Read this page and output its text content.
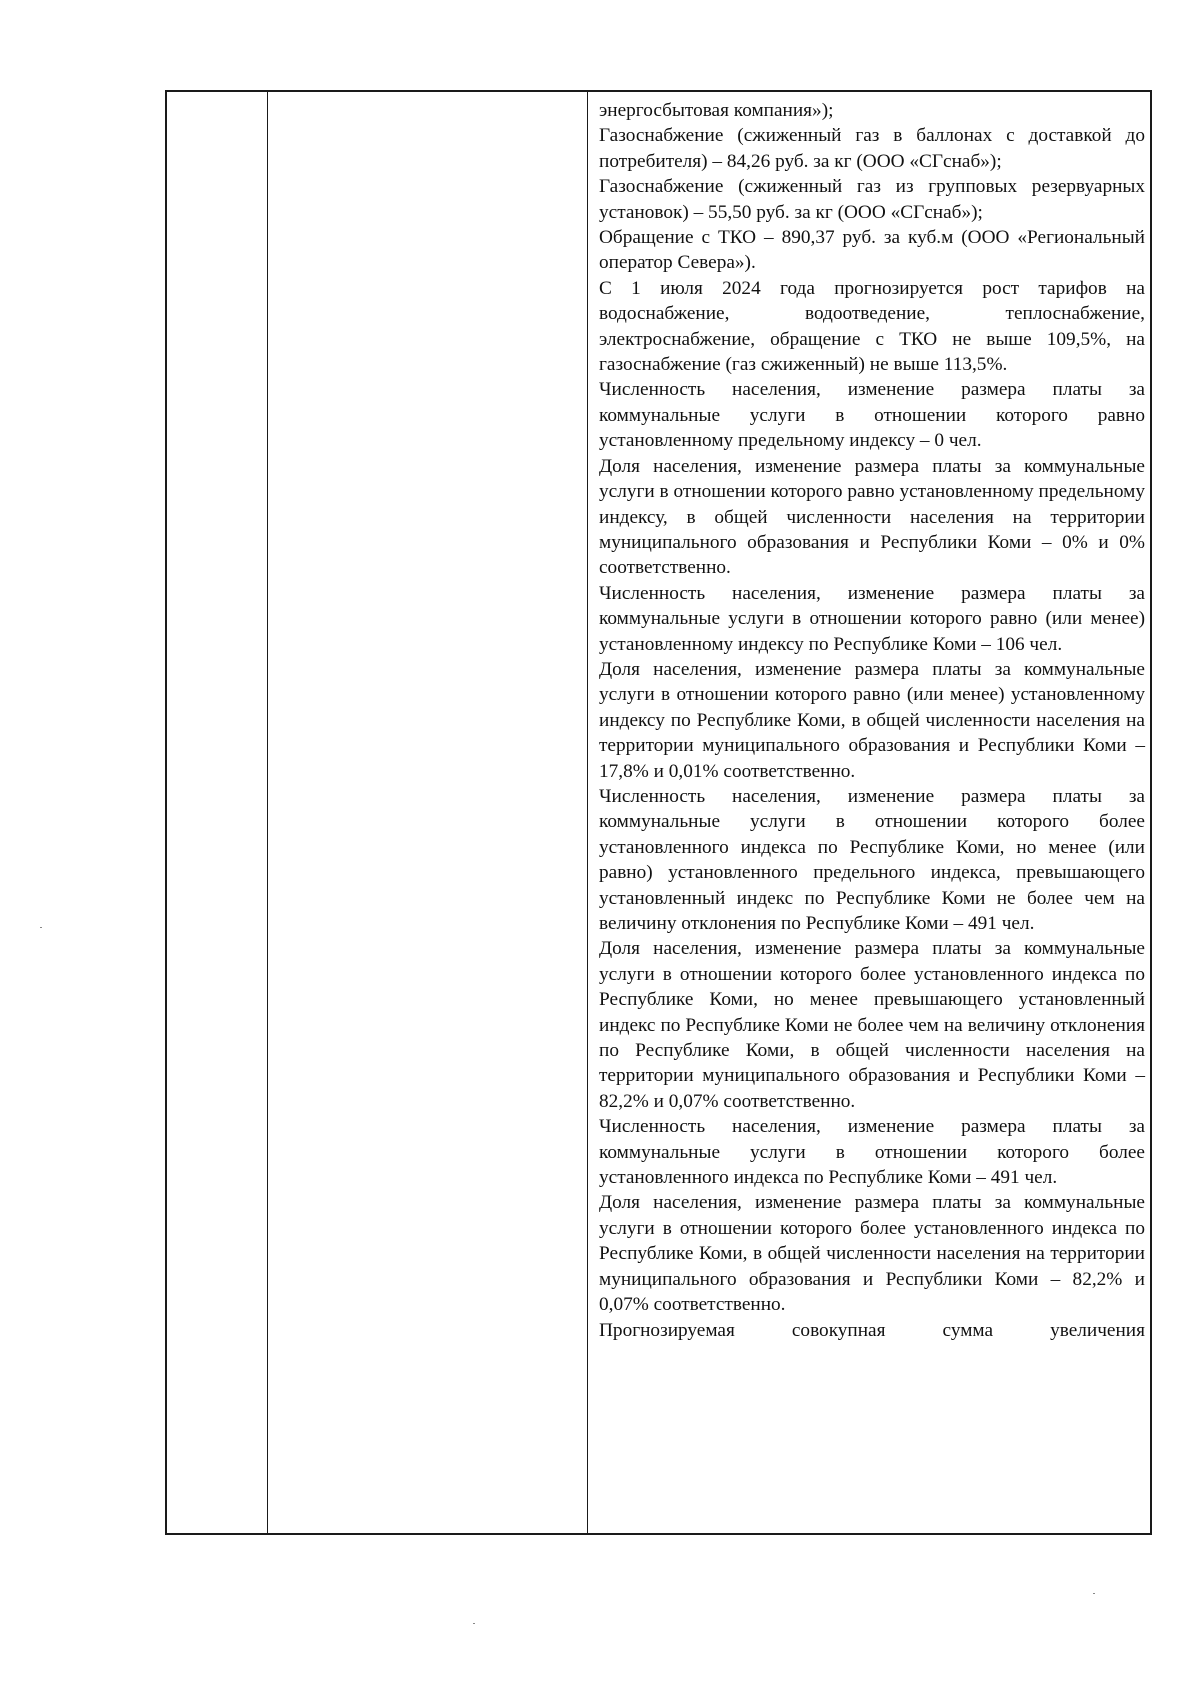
энергосбытовая компания»);

Газоснабжение (сжиженный газ в баллонах с доставкой до потребителя) – 84,26 руб. за кг (ООО «СГснаб»);

Газоснабжение (сжиженный газ из групповых резервуарных установок) – 55,50 руб. за кг (ООО «СГснаб»);

Обращение с ТКО – 890,37 руб. за куб.м (ООО «Региональный оператор Севера»).

С 1 июля 2024 года прогнозируется рост тарифов на водоснабжение, водоотведение, теплоснабжение, электроснабжение, обращение с ТКО не выше 109,5%, на газоснабжение (газ сжиженный) не выше 113,5%.

Численность населения, изменение размера платы за коммунальные услуги в отношении которого равно установленному предельному индексу – 0 чел.

Доля населения, изменение размера платы за коммунальные услуги в отношении которого равно установленному предельному индексу, в общей численности населения на территории муниципального образования и Республики Коми – 0% и 0% соответственно.

Численность населения, изменение размера платы за коммунальные услуги в отношении которого равно (или менее) установленному индексу по Республике Коми – 106 чел.

Доля населения, изменение размера платы за коммунальные услуги в отношении которого равно (или менее) установленному индексу по Республике Коми, в общей численности населения на территории муниципального образования и Республики Коми – 17,8% и 0,01% соответственно.

Численность населения, изменение размера платы за коммунальные услуги в отношении которого более установленного индекса по Республике Коми, но менее (или равно) установленного предельного индекса, превышающего установленный индекс по Республике Коми не более чем на величину отклонения по Республике Коми – 491 чел.

Доля населения, изменение размера платы за коммунальные услуги в отношении которого более установленного индекса по Республике Коми, но менее превышающего установленный индекс по Республике Коми не более чем на величину отклонения по Республике Коми, в общей численности населения на территории муниципального образования и Республики Коми – 82,2% и 0,07% соответственно.

Численность населения, изменение размера платы за коммунальные услуги в отношении которого более установленного индекса по Республике Коми – 491 чел.

Доля населения, изменение размера платы за коммунальные услуги в отношении которого более установленного индекса по Республике Коми, в общей численности населения на территории муниципального образования и Республики Коми – 82,2% и 0,07% соответственно.

Прогнозируемая совокупная сумма увеличения
